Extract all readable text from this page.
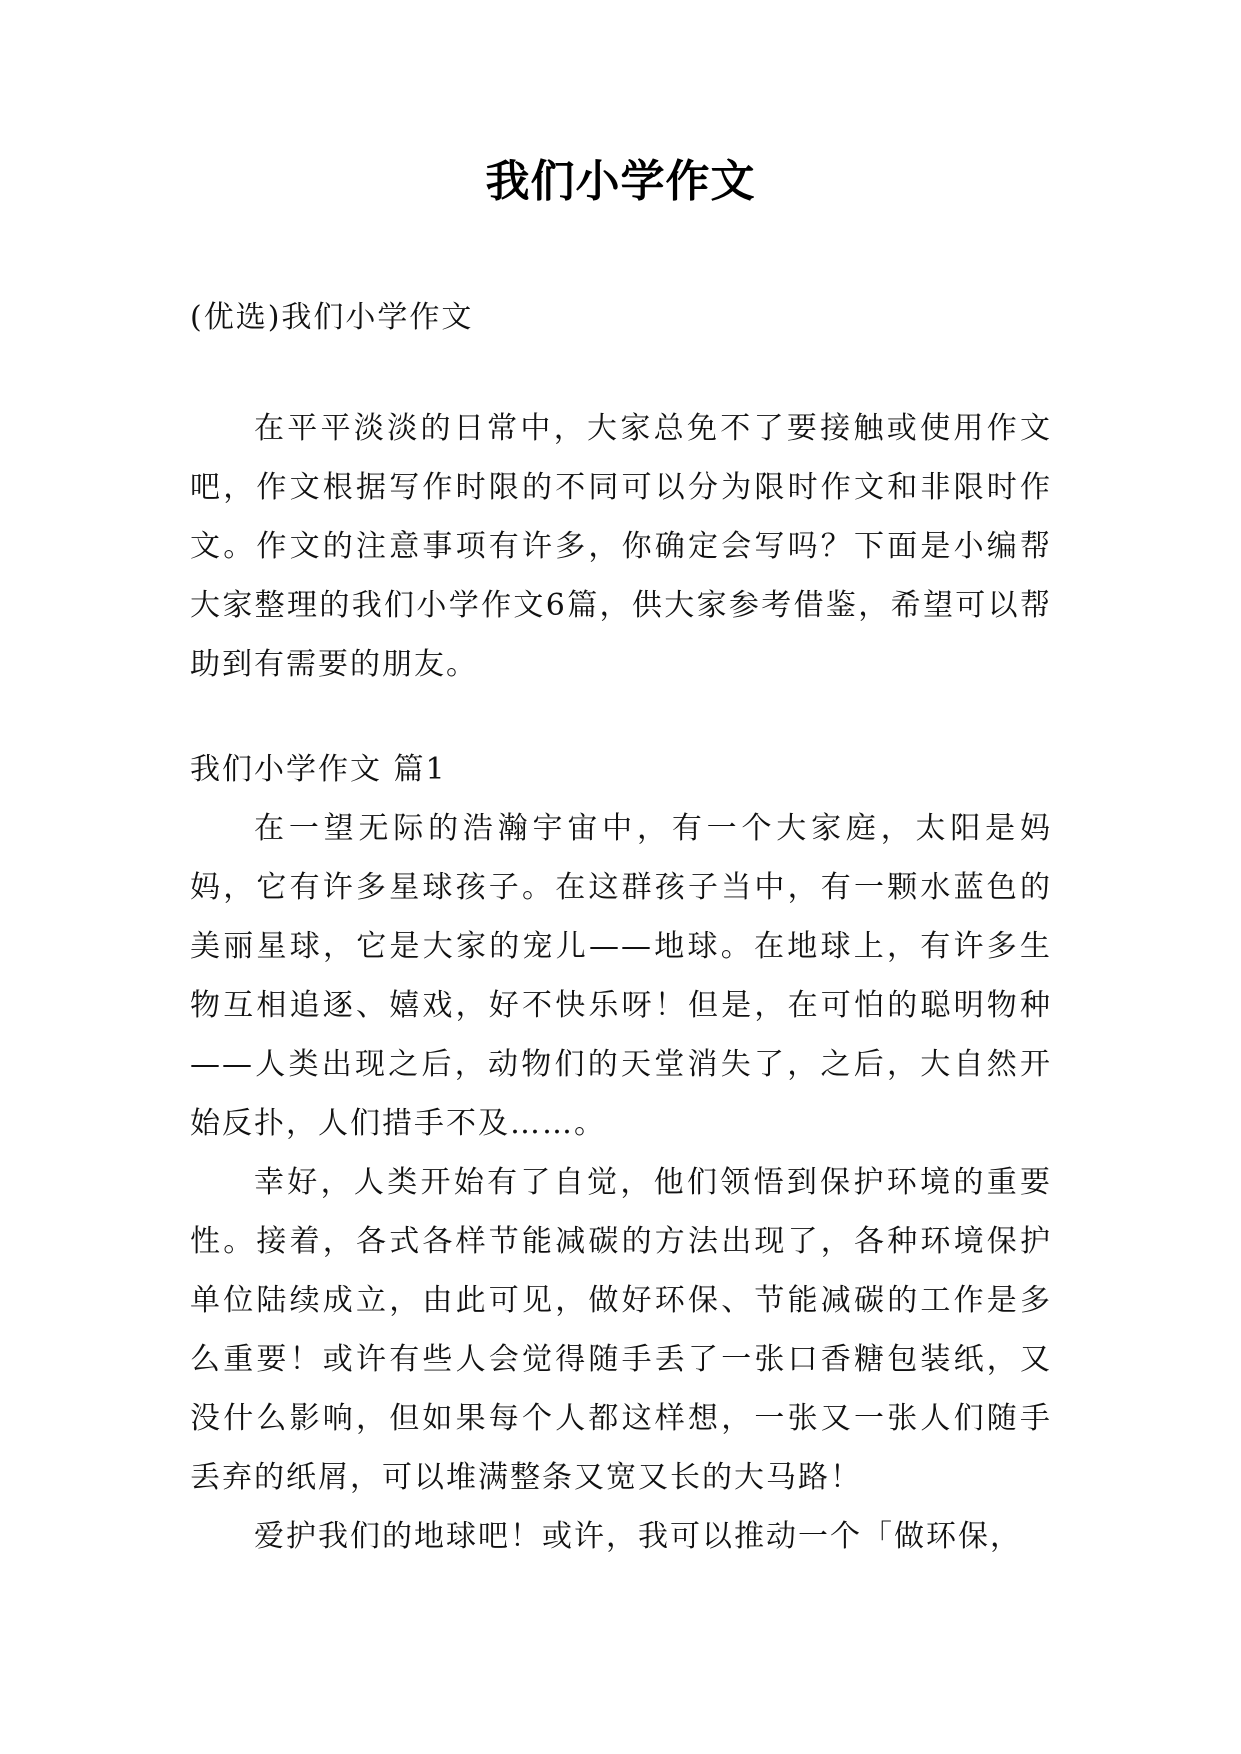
我们小学作文

(优选)我们小学作文

在平平淡淡的日常中，大家总免不了要接触或使用作文吧，作文根据写作时限的不同可以分为限时作文和非限时作文。作文的注意事项有许多，你确定会写吗？下面是小编帮大家整理的我们小学作文6篇，供大家参考借鉴，希望可以帮助到有需要的朋友。

我们小学作文 篇1

在一望无际的浩瀚宇宙中，有一个大家庭，太阳是妈妈，它有许多星球孩子。在这群孩子当中，有一颗水蓝色的美丽星球，它是大家的宠儿——地球。在地球上，有许多生物互相追逐、嬉戏，好不快乐呀！但是，在可怕的聪明物种——人类出现之后，动物们的天堂消失了，之后，大自然开始反扑，人们措手不及……。

幸好，人类开始有了自觉，他们领悟到保护环境的重要性。接着，各式各样节能减碳的方法出现了，各种环境保护单位陆续成立，由此可见，做好环保、节能减碳的工作是多么重要！或许有些人会觉得随手丢了一张口香糖包装纸，又没什么影响，但如果每个人都这样想，一张又一张人们随手丢弃的纸屑，可以堆满整条又宽又长的大马路！

爱护我们的地球吧！或许，我可以推动一个「做环保，
